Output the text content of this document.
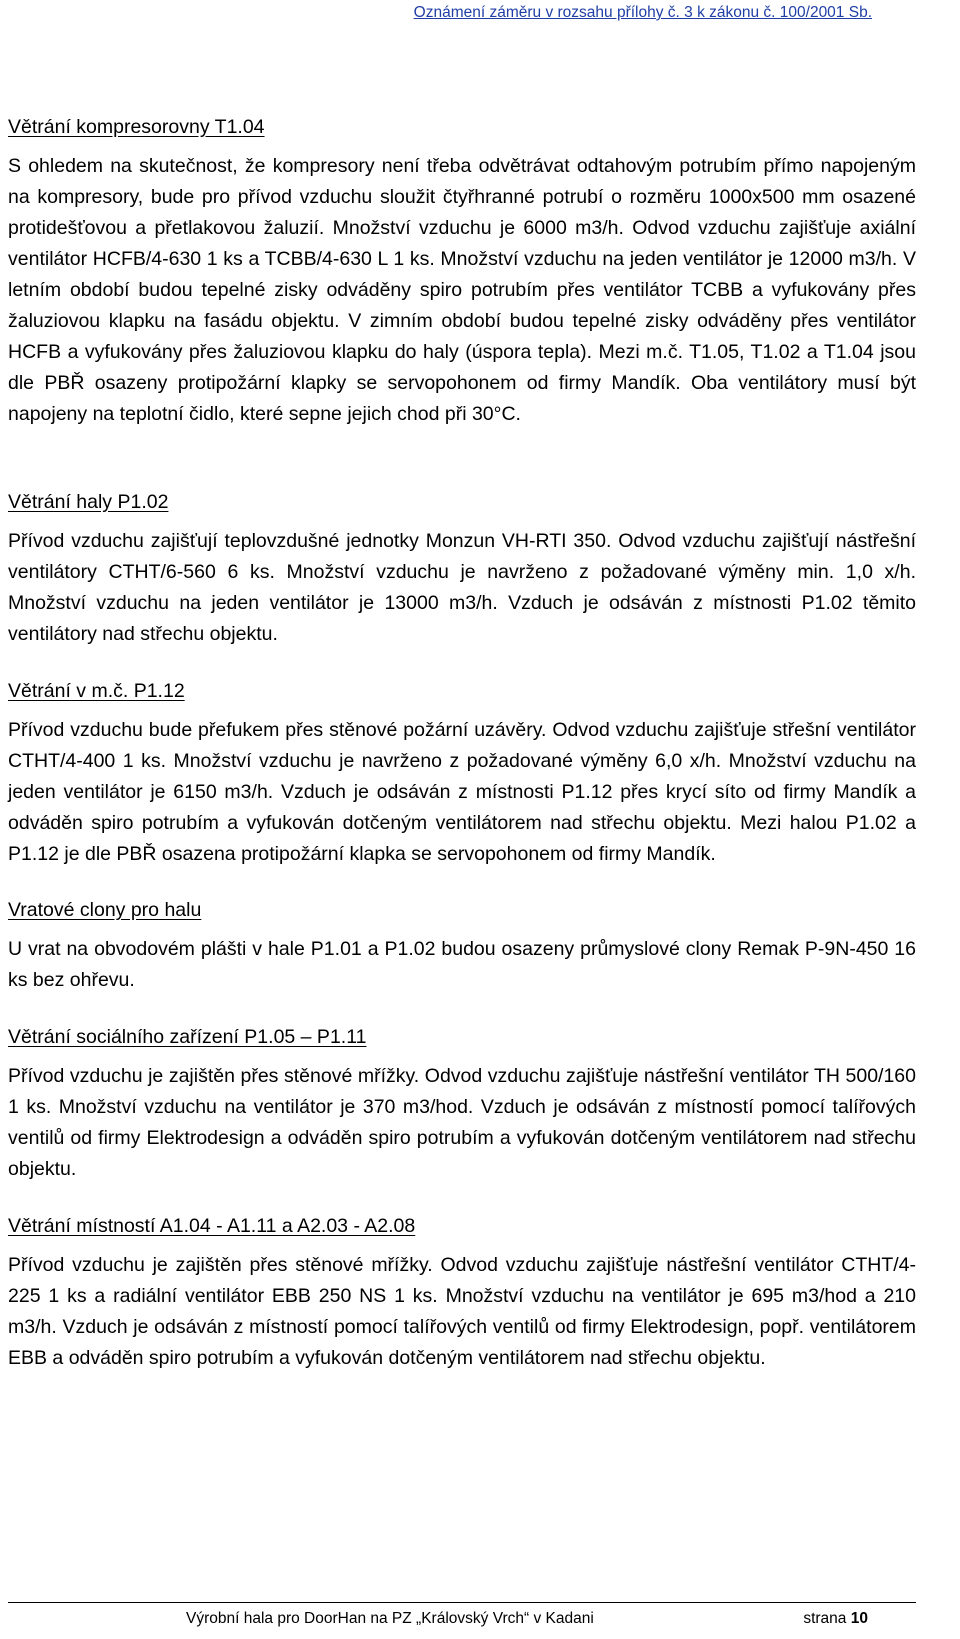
Oznámení záměru v rozsahu přílohy č. 3 k zákonu č. 100/2001 Sb.
Větrání kompresorovny T1.04

S ohledem na skutečnost, že kompresory není třeba odvětrávat odtahovým potrubím přímo napojeným na kompresory, bude pro přívod vzduchu sloužit čtyřhranné potrubí o rozměru 1000x500 mm osazené protidešťovou a přetlakovou žaluzií. Množství vzduchu je 6000 m3/h. Odvod vzduchu zajišťuje axiální ventilátor HCFB/4-630 1 ks a TCBB/4-630 L 1 ks. Množství vzduchu na jeden ventilátor je 12000 m3/h. V letním období budou tepelné zisky odváděny spiro potrubím přes ventilátor TCBB a vyfukovány přes žaluziovou klapku na fasádu objektu. V zimním období budou tepelné zisky odváděny přes ventilátor HCFB a vyfukovány přes žaluziovou klapku do haly (úspora tepla). Mezi m.č. T1.05, T1.02 a T1.04 jsou dle PBŘ osazeny protipožární klapky se servopohonem od firmy Mandík. Oba ventilátory musí být napojeny na teplotní čidlo, které sepne jejich chod při 30°C.

Větrání haly P1.02

Přívod vzduchu zajišťují teplovzdušné jednotky Monzun VH-RTI 350. Odvod vzduchu zajišťují nástřešní ventilátory CTHT/6-560 6 ks. Množství vzduchu je navrženo z požadované výměny min. 1,0 x/h. Množství vzduchu na jeden ventilátor je 13000 m3/h. Vzduch je odsáván z místnosti P1.02 těmito ventilátory nad střechu objektu.

Větrání v m.č. P1.12

Přívod vzduchu bude přefukem přes stěnové požární uzávěry. Odvod vzduchu zajišťuje střešní ventilátor CTHT/4-400 1 ks. Množství vzduchu je navrženo z požadované výměny 6,0 x/h. Množství vzduchu na jeden ventilátor je 6150 m3/h. Vzduch je odsáván z místnosti P1.12 přes krycí síto od firmy Mandík a odváděn spiro potrubím a vyfukován dotčeným ventilátorem nad střechu objektu. Mezi halou P1.02 a P1.12 je dle PBŘ osazena protipožární klapka se servopohonem od firmy Mandík.

Vratové clony pro halu

U vrat na obvodovém plášti v hale P1.01 a P1.02 budou osazeny průmyslové clony Remak P-9N-450 16 ks bez ohřevu.

Větrání sociálního zařízení P1.05 – P1.11

Přívod vzduchu je zajištěn přes stěnové mřížky. Odvod vzduchu zajišťuje nástřešní ventilátor TH 500/160 1 ks. Množství vzduchu na ventilátor je 370 m3/hod. Vzduch je odsáván z místností pomocí talířových ventilů od firmy Elektrodesign a odváděn spiro potrubím a vyfukován dotčeným ventilátorem nad střechu objektu.

Větrání místností A1.04 - A1.11 a A2.03 - A2.08

Přívod vzduchu je zajištěn přes stěnové mřížky. Odvod vzduchu zajišťuje nástřešní ventilátor CTHT/4-225 1 ks a radiální ventilátor EBB 250 NS 1 ks. Množství vzduchu na ventilátor je 695 m3/hod a 210 m3/h. Vzduch je odsáván z místností pomocí talířových ventilů od firmy Elektrodesign, popř. ventilátorem EBB a odváděn spiro potrubím a vyfukován dotčeným ventilátorem nad střechu objektu.

Výrobní hala pro DoorHan na PZ „Královský Vrch“ v Kadani	strana 10
